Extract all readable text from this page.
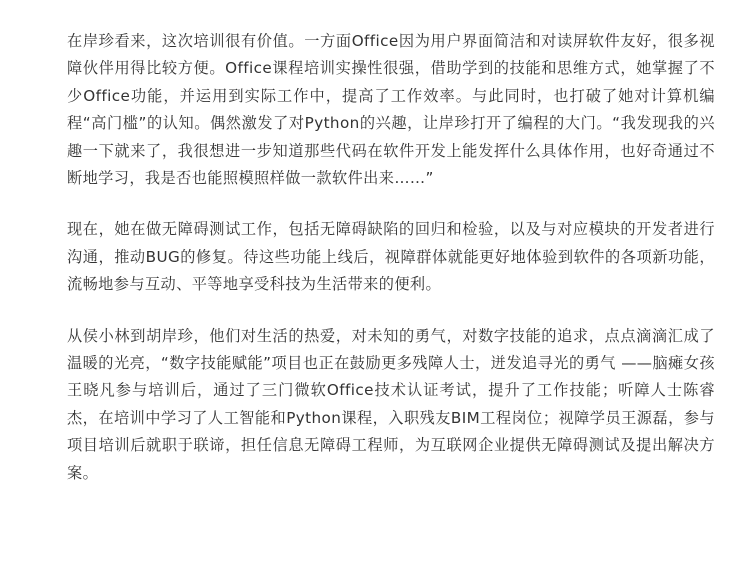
在岸珍看来，这次培训很有价值。一方面Office因为用户界面简洁和对读屏软件友好，很多视障伙伴用得比较方便。Office课程培训实操性很强，借助学到的技能和思维方式，她掌握了不少Office功能，并运用到实际工作中，提高了工作效率。与此同时，也打破了她对计算机编程“高门槛”的认知。偶然激发了对Python的兴趣，让岸珍打开了编程的大门。“我发现我的兴趣一下就来了，我很想进一步知道那些代码在软件开发上能发挥什么具体作用，也好奇通过不断地学习，我是否也能照模照样做一款软件出来……”

现在，她在做无障碍测试工作，包括无障碍缺陷的回归和检验，以及与对应模块的开发者进行沟通，推动BUG的修复。待这些功能上线后，视障群体就能更好地体验到软件的各项新功能，流畅地参与互动、平等地享受科技为生活带来的便利。

从侯小林到胡岸珍，他们对生活的热爱，对未知的勇气，对数字技能的追求，点点滴滴汇成了温暖的光亮，“数字技能赋能”项目也正在鼓励更多残障人士，迸发追寻光的勇气 ——脑瘫女孩王晓凡参与培训后，通过了三门微软Office技术认证考试，提升了工作技能；听障人士陈睿杰，在培训中学习了人工智能和Python课程，入职残友BIM工程岗位；视障学员王源磊，参与项目培训后就职于联谛，担任信息无障碍工程师，为互联网企业提供无障碍测试及提出解决方案。
